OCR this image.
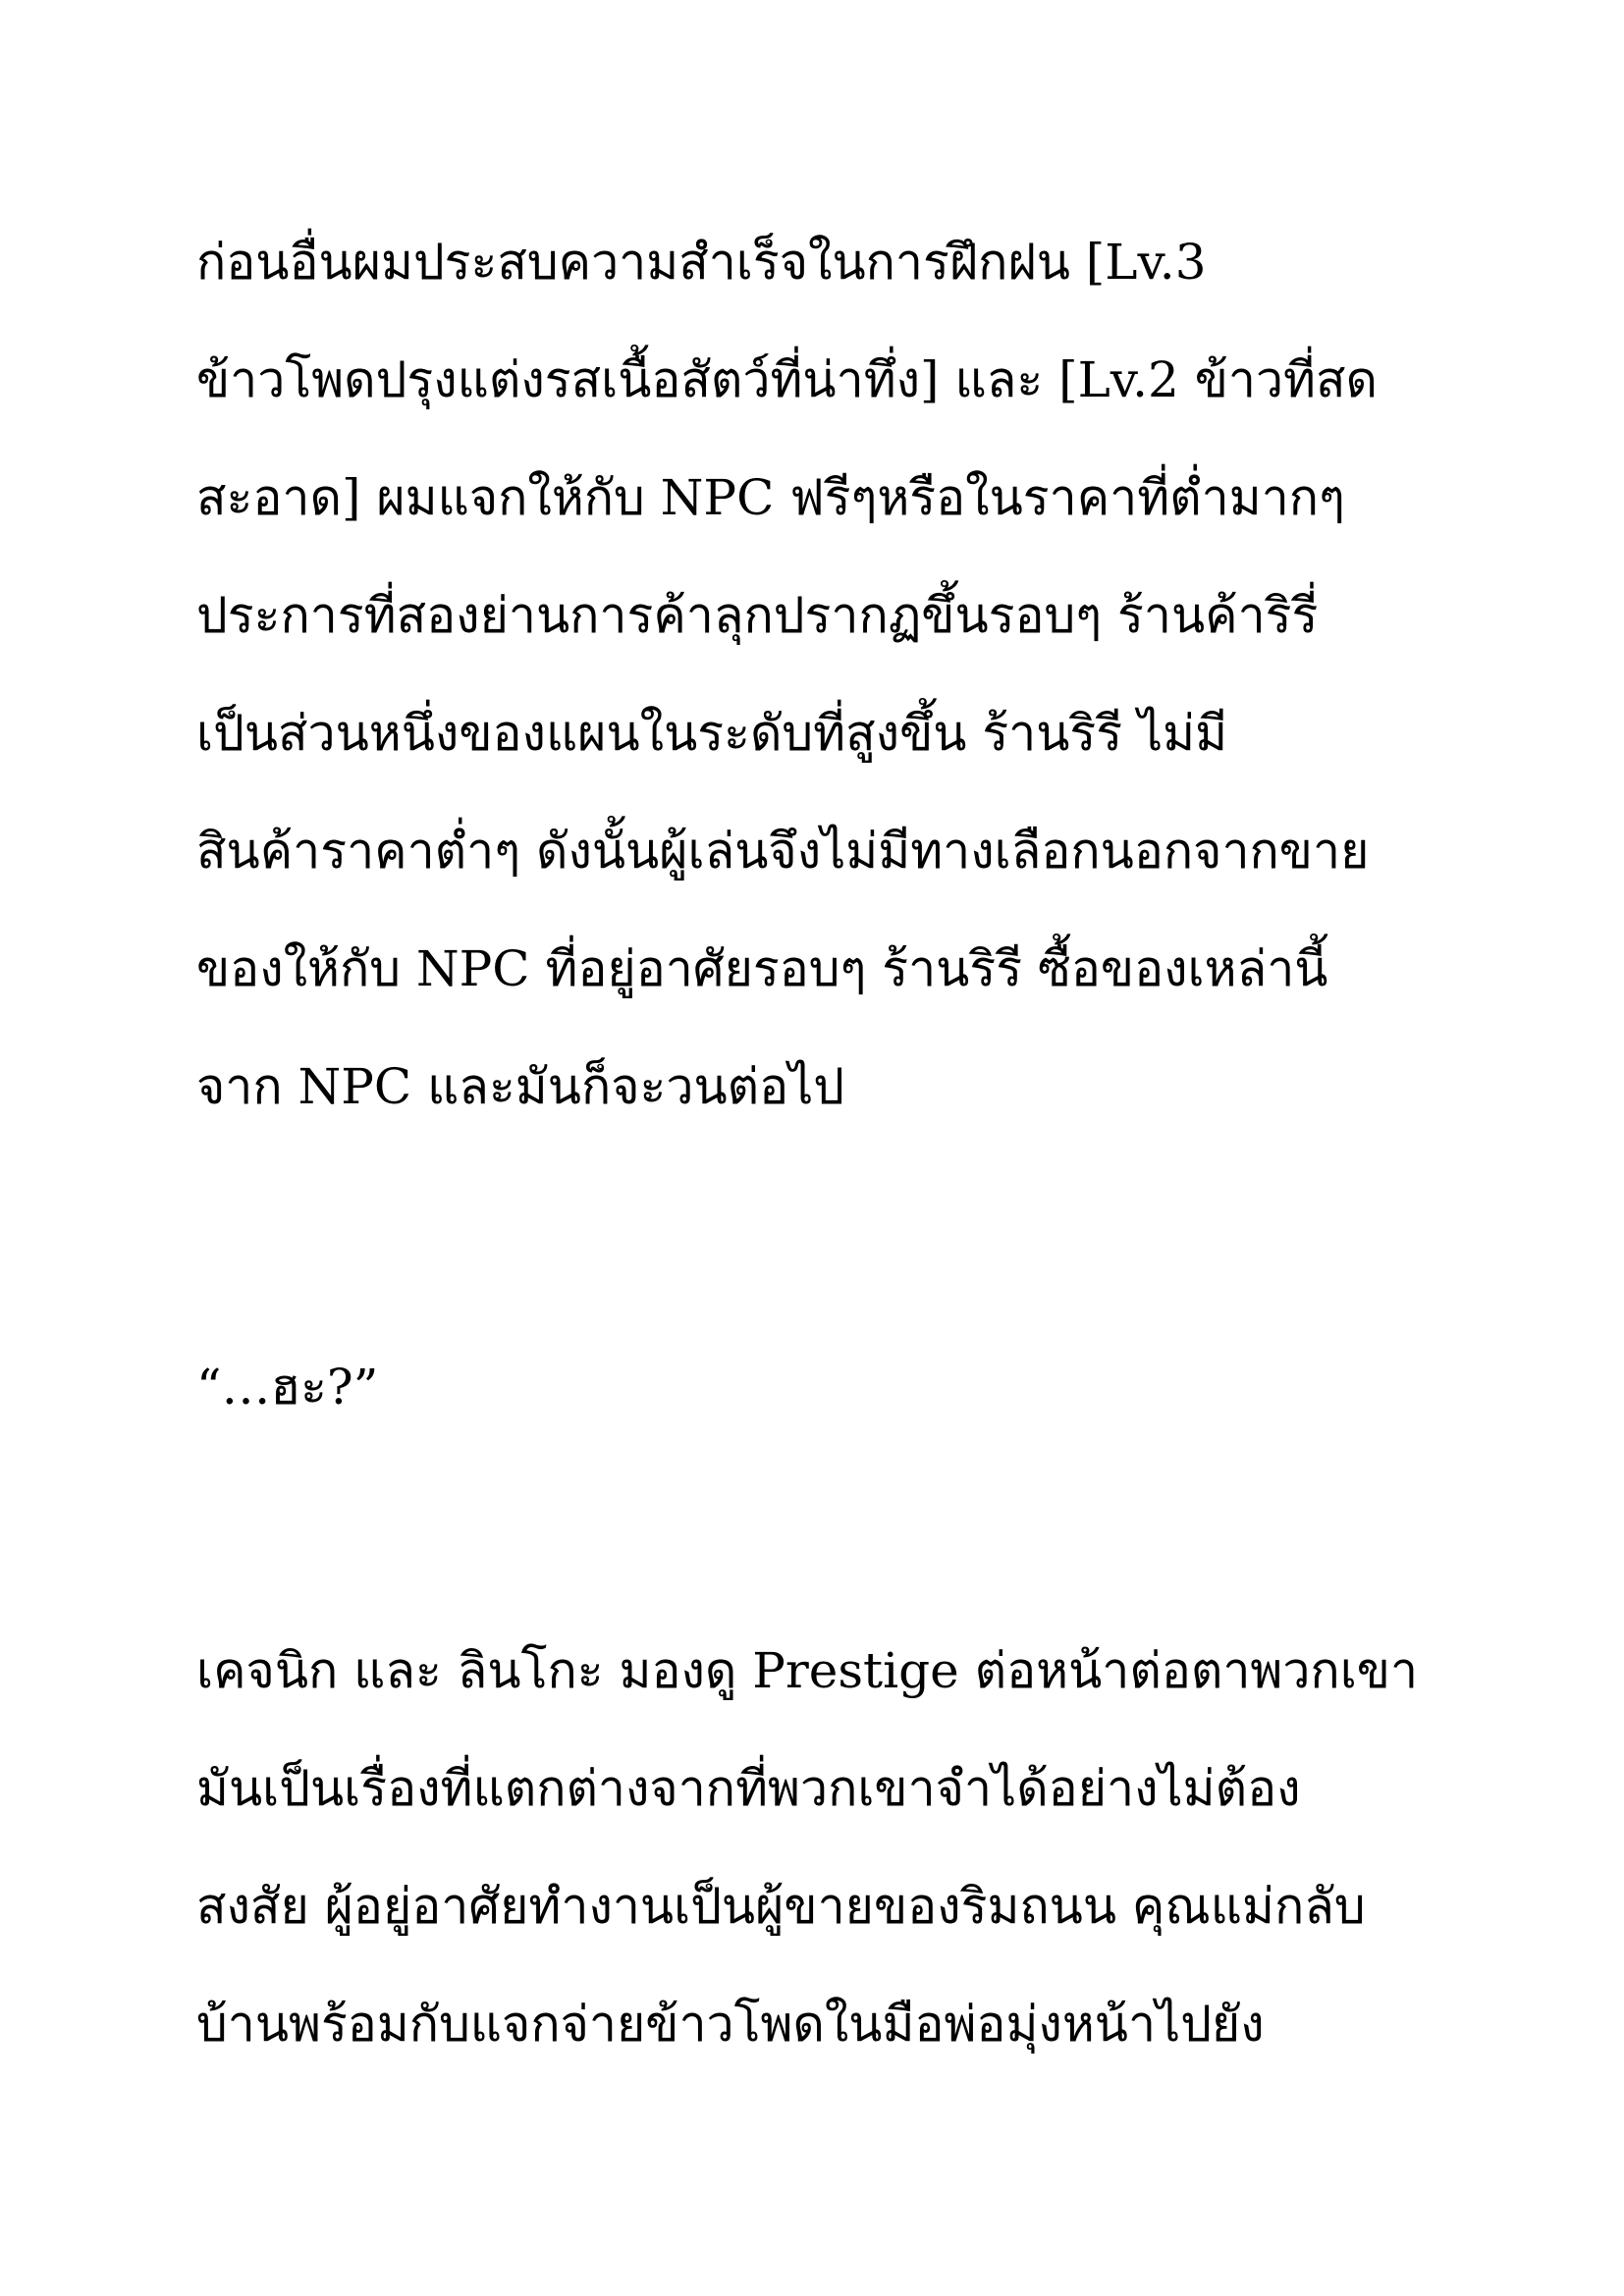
ก่อนอื่นผมประสบความสำเร็จในการฝึกฝน [Lv.3

ข้าวโพดปรุงแต่งรสเนื้อสัตว์ที่น่าทึ่ง] และ [Lv.2 ข้าวที่สด

สะอาด] ผมแจกให้กับ NPC ฟรีๆหรือในราคาที่ต่ำมากๆ

ประการที่สองย่านการค้าลุกปรากฏขึ้นรอบๆ ร้านค้าริรี่

เป็นส่วนหนึ่งของแผนในระดับที่สูงขึ้น ร้านริรี ไม่มี

สินค้าราคาต่ำๆ ดังนั้นผู้เล่นจึงไม่มีทางเลือกนอกจากขาย

ของให้กับ NPC ที่อยู่อาศัยรอบๆ ร้านริรี ซื้อของเหล่านี้

จาก NPC และมันก็จะวนต่อไป

“…ฮะ?”

เคจนิก และ ลินโกะ มองดู Prestige ต่อหน้าต่อตาพวกเขา

มันเป็นเรื่องที่แตกต่างจากที่พวกเขาจำได้อย่างไม่ต้อง

สงสัย ผู้อยู่อาศัยทำงานเป็นผู้ขายของริมถนน คุณแม่กลับ

บ้านพร้อมกับแจกจ่ายข้าวโพดในมือพ่อมุ่งหน้าไปยัง
